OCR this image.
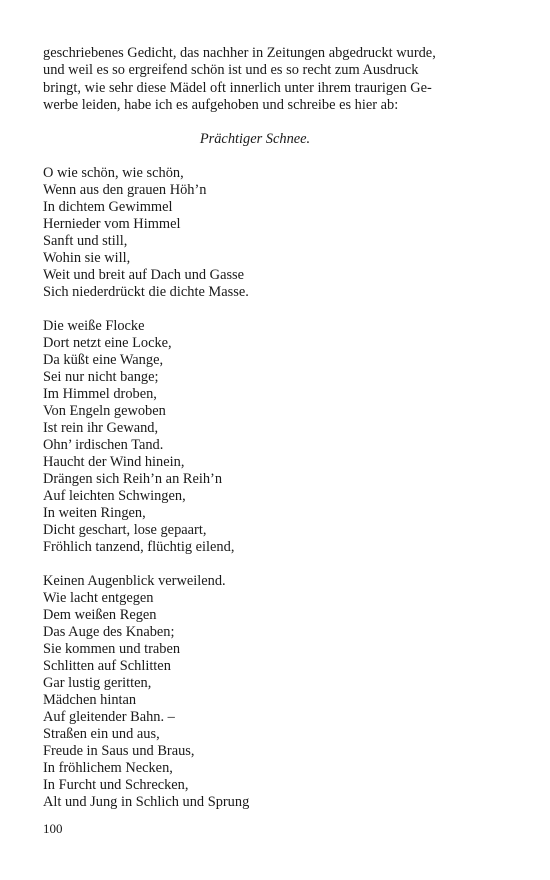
geschriebenes Gedicht, das nachher in Zeitungen abgedruckt wurde,

und weil es so ergreifend schön ist und es so recht zum Ausdruck

bringt, wie sehr diese Mädel oft innerlich unter ihrem traurigen Ge-

werbe leiden, habe ich es aufgehoben und schreibe es hier ab:

Prächtiger Schnee.
O wie schön, wie schön,
Wenn aus den grauen Höh’n
In dichtem Gewimmel
Hernieder vom Himmel
Sanft und still,
Wohin sie will,
Weit und breit auf Dach und Gasse
Sich niederdrückt die dichte Masse.
Die weiße Flocke
Dort netzt eine Locke,
Da küßt eine Wange,
Sei nur nicht bange;
Im Himmel droben,
Von Engeln gewoben
Ist rein ihr Gewand,
Ohn’ irdischen Tand.
Haucht der Wind hinein,
Drängen sich Reih’n an Reih’n
Auf leichten Schwingen,
In weiten Ringen,
Dicht geschart, lose gepaart,
Fröhlich tanzend, flüchtig eilend,
Keinen Augenblick verweilend.
Wie lacht entgegen
Dem weißen Regen
Das Auge des Knaben;
Sie kommen und traben
Schlitten auf Schlitten
Gar lustig geritten,
Mädchen hintan
Auf gleitender Bahn. –
Straßen ein und aus,
Freude in Saus und Braus,
In fröhlichem Necken,
In Furcht und Schrecken,
Alt und Jung in Schlich und Sprung
100
